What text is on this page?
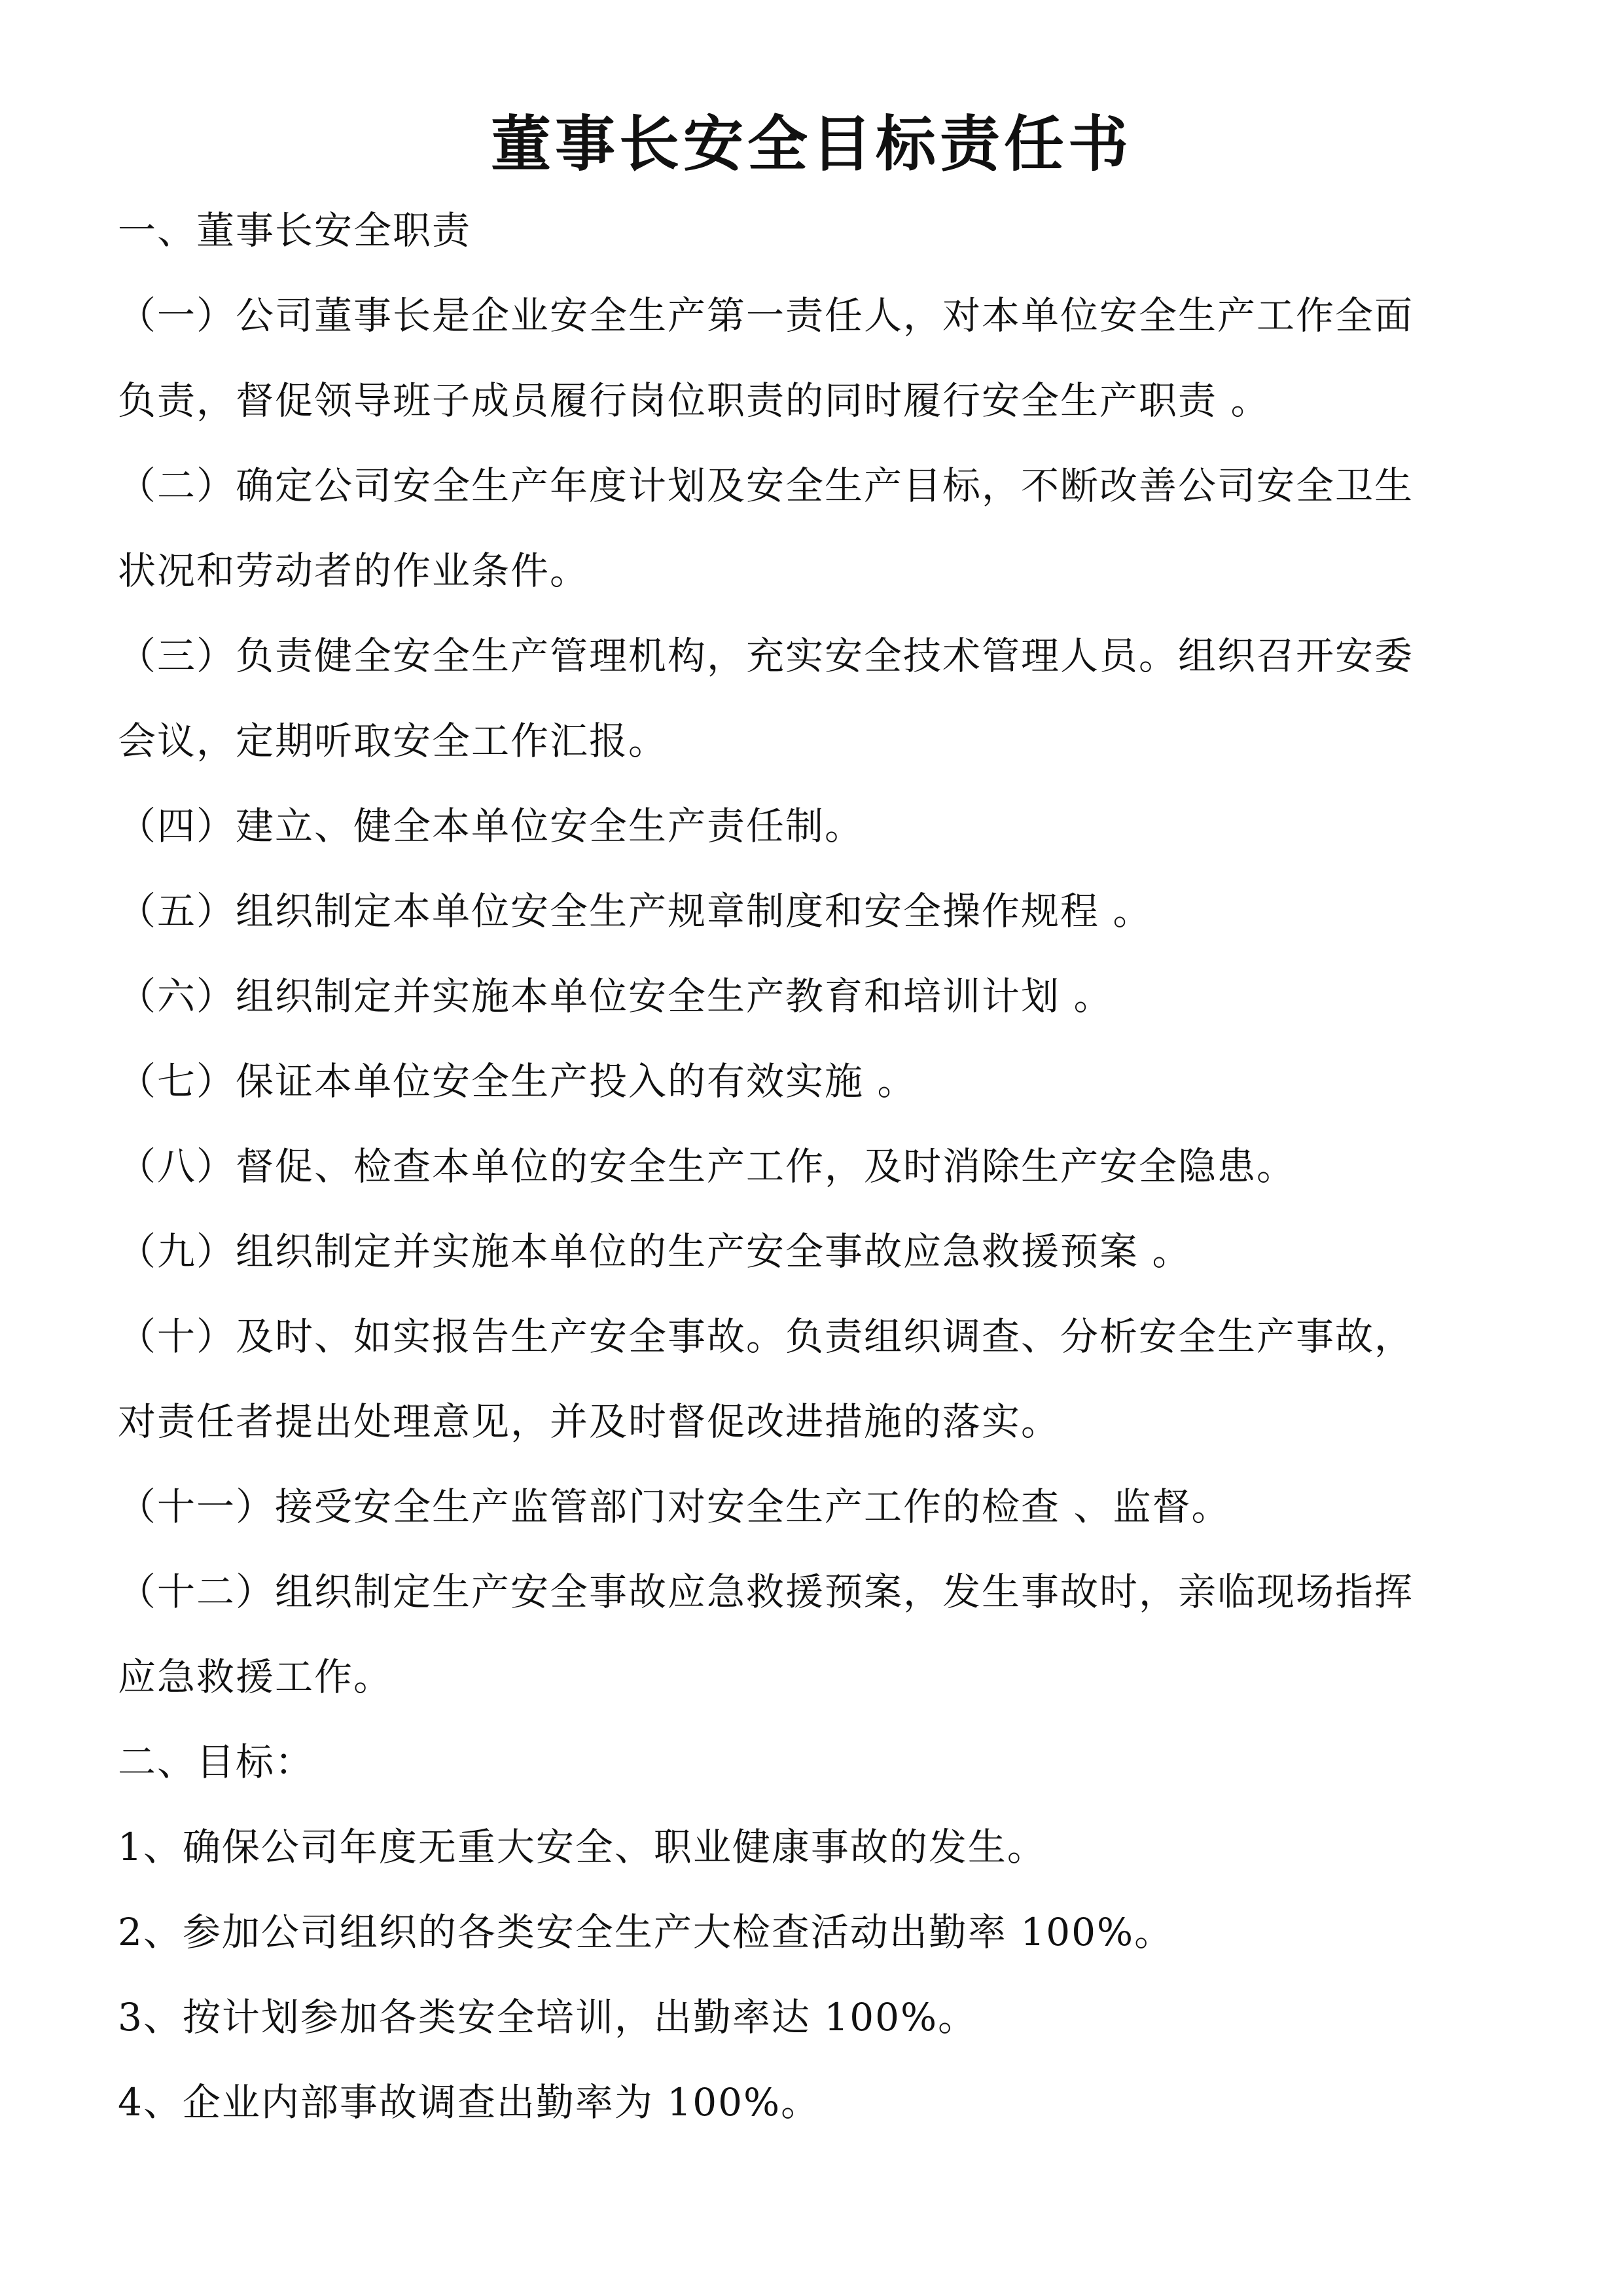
董事长安全目标责任书

一、董事长安全职责

（一）公司董事长是企业安全生产第一责任人，对本单位安全生产工作全面

负责，督促领导班子成员履行岗位职责的同时履行安全生产职责 。

（二）确定公司安全生产年度计划及安全生产目标，不断改善公司安全卫生

状况和劳动者的作业条件。

（三）负责健全安全生产管理机构，充实安全技术管理人员。组织召开安委

会议，定期听取安全工作汇报。

（四）建立、健全本单位安全生产责任制。

（五）组织制定本单位安全生产规章制度和安全操作规程 。

（六）组织制定并实施本单位安全生产教育和培训计划 。

（七）保证本单位安全生产投入的有效实施 。

（八）督促、检查本单位的安全生产工作，及时消除生产安全隐患。

（九）组织制定并实施本单位的生产安全事故应急救援预案 。

（十）及时、如实报告生产安全事故。负责组织调查、分析安全生产事故，

对责任者提出处理意见，并及时督促改进措施的落实。

（十一）接受安全生产监管部门对安全生产工作的检查 、监督。

（十二）组织制定生产安全事故应急救援预案，发生事故时，亲临现场指挥

应急救援工作。

二、目标：

1、确保公司年度无重大安全、职业健康事故的发生。

2、参加公司组织的各类安全生产大检查活动出勤率 100%。

3、按计划参加各类安全培训，出勤率达 100%。

4、企业内部事故调查出勤率为 100%。
